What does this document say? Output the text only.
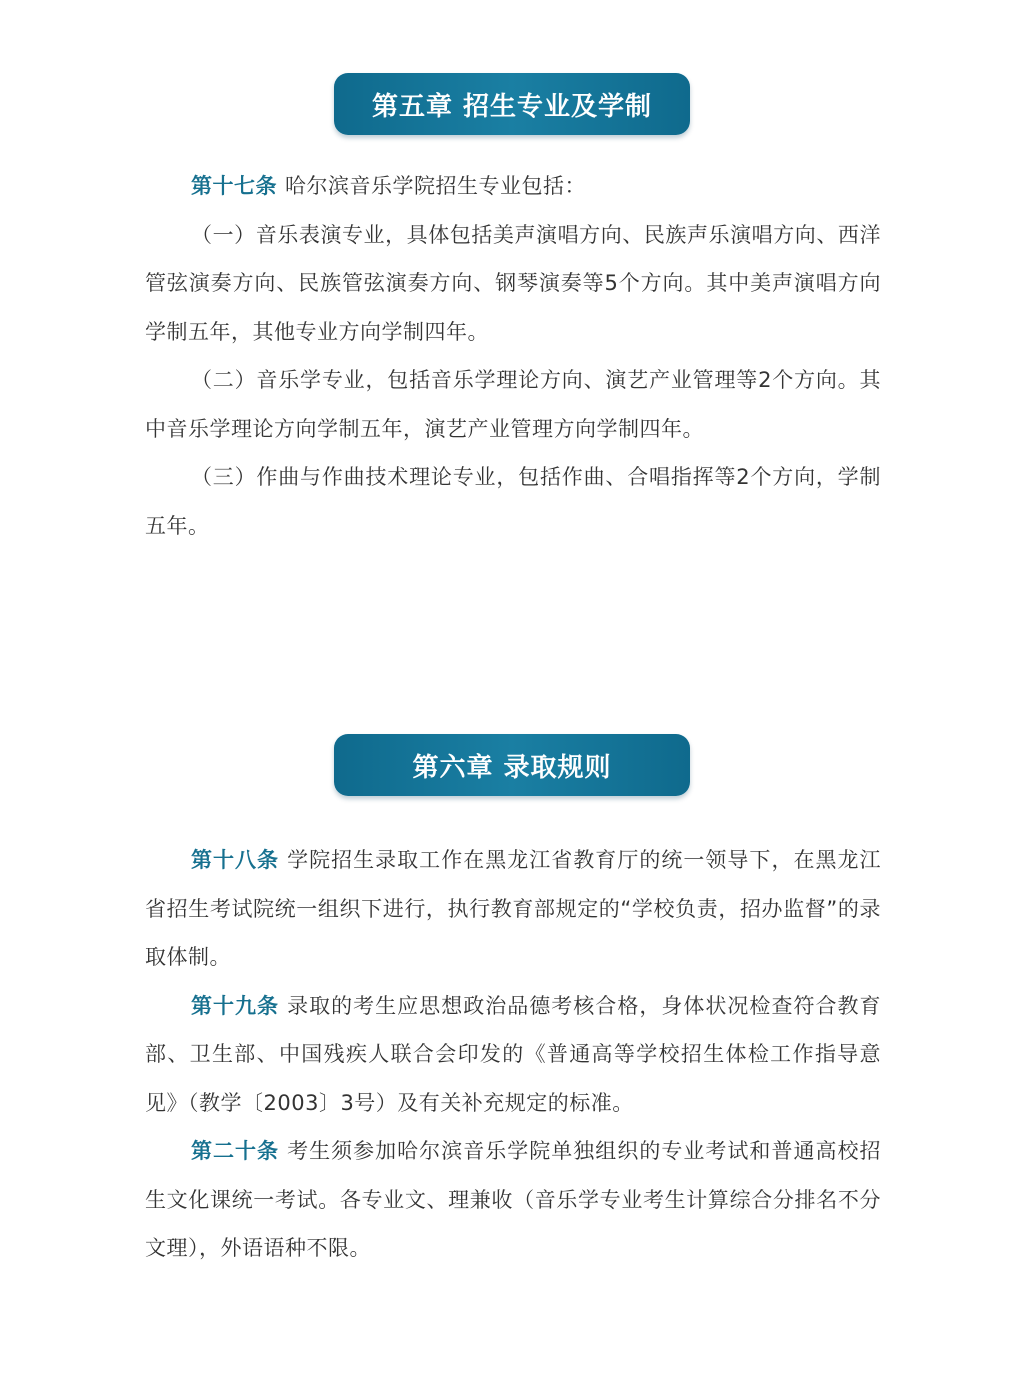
第五章 招生专业及学制

第十七条 哈尔滨音乐学院招生专业包括：

（一）音乐表演专业，具体包括美声演唱方向、民族声乐演唱方向、西洋管弦演奏方向、民族管弦演奏方向、钢琴演奏等5个方向。其中美声演唱方向学制五年，其他专业方向学制四年。

（二）音乐学专业，包括音乐学理论方向、演艺产业管理等2个方向。其中音乐学理论方向学制五年，演艺产业管理方向学制四年。

（三）作曲与作曲技术理论专业，包括作曲、合唱指挥等2个方向，学制五年。

第六章 录取规则

第十八条 学院招生录取工作在黑龙江省教育厅的统一领导下，在黑龙江省招生考试院统一组织下进行，执行教育部规定的“学校负责，招办监督”的录取体制。

第十九条 录取的考生应思想政治品德考核合格，身体状况检查符合教育部、卫生部、中国残疾人联合会印发的《普通高等学校招生体检工作指导意见》（教学〔2003〕3号）及有关补充规定的标准。

第二十条 考生须参加哈尔滨音乐学院单独组织的专业考试和普通高校招生文化课统一考试。各专业文、理兼收（音乐学专业考生计算综合分排名不分文理），外语语种不限。
